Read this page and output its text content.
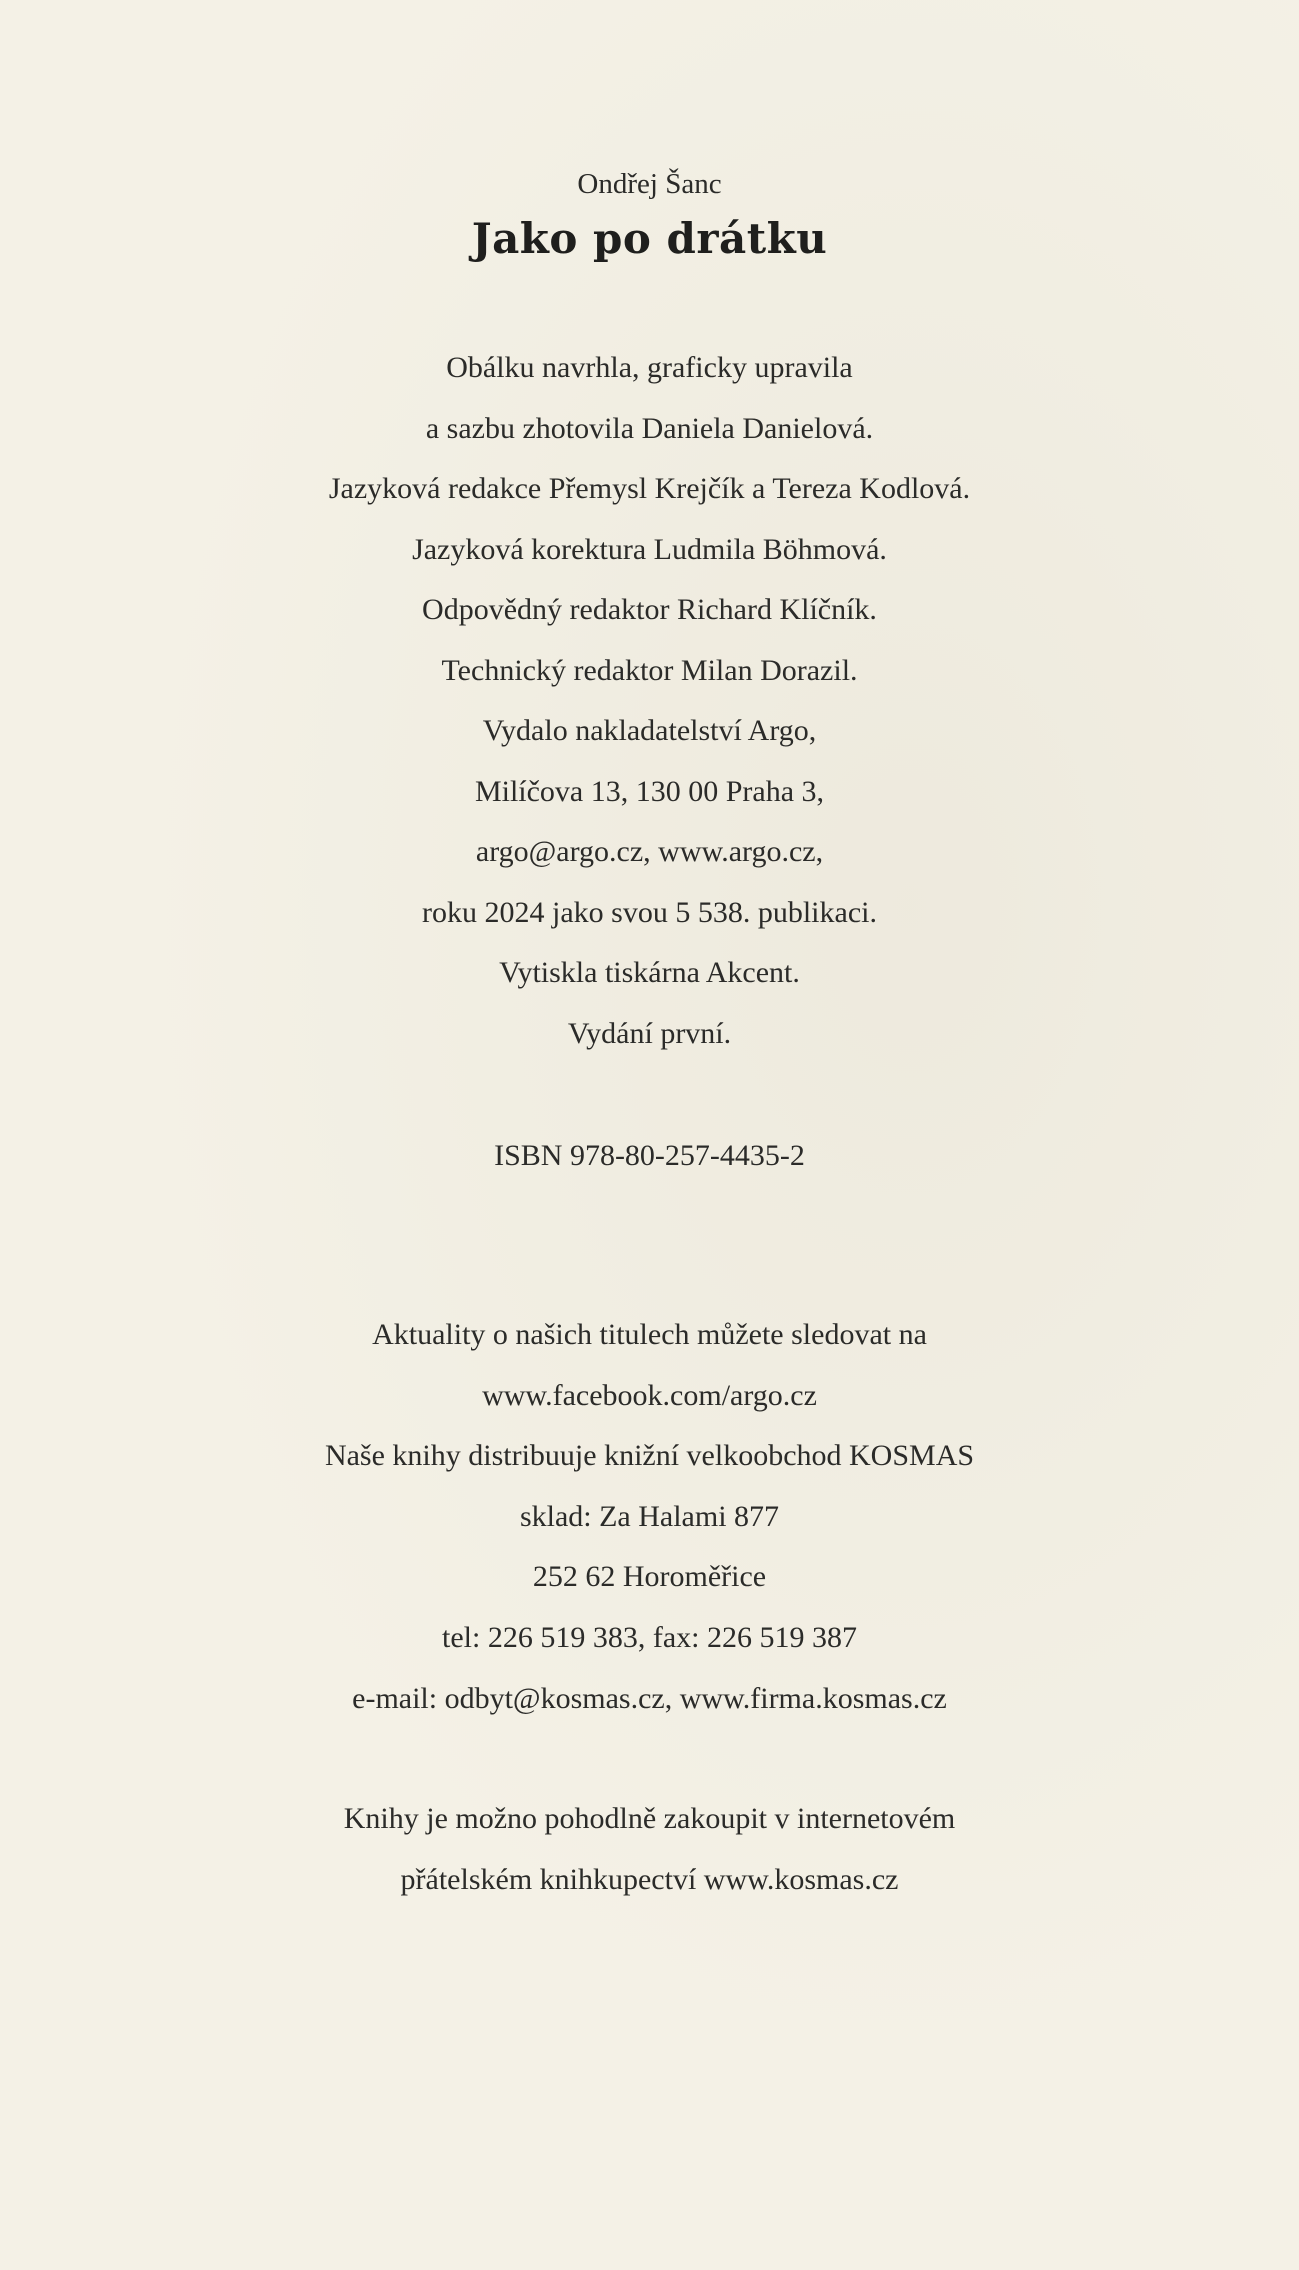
Ondřej Šanc
Jako po drátku
Obálku navrhla, graficky upravila
a sazbu zhotovila Daniela Danielová.
Jazyková redakce Přemysl Krejčík a Tereza Kodlová.
Jazyková korektura Ludmila Böhmová.
Odpovědný redaktor Richard Klíčník.
Technický redaktor Milan Dorazil.
Vydalo nakladatelství Argo,
Milíčova 13, 130 00 Praha 3,
argo@argo.cz, www.argo.cz,
roku 2024 jako svou 5 538. publikaci.
Vytiskla tiskárna Akcent.
Vydání první.
ISBN 978-80-257-4435-2
Aktuality o našich titulech můžete sledovat na
www.facebook.com/argo.cz
Naše knihy distribuuje knižní velkoobchod KOSMAS
sklad: Za Halami 877
252 62 Horoměřice
tel: 226 519 383, fax: 226 519 387
e-mail: odbyt@kosmas.cz, www.firma.kosmas.cz
Knihy je možno pohodlně zakoupit v internetovém
přátelském knihkupectví www.kosmas.cz
